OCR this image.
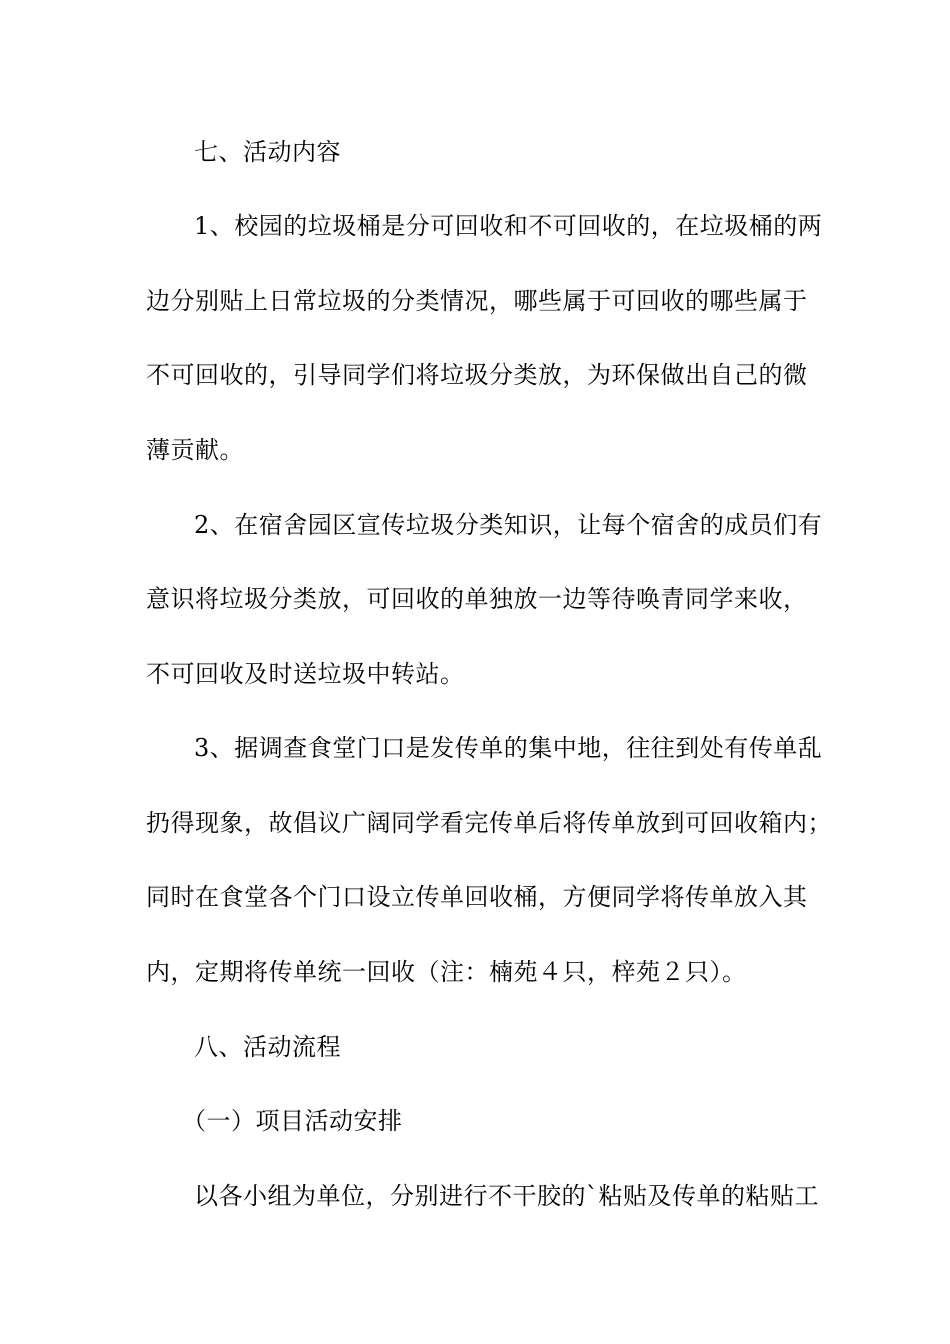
七、活动内容
1、校园的垃圾桶是分可回收和不可回收的，在垃圾桶的两
边分别贴上日常垃圾的分类情况，哪些属于可回收的哪些属于
不可回收的，引导同学们将垃圾分类放，为环保做出自己的微
薄贡献。
2、在宿舍园区宣传垃圾分类知识，让每个宿舍的成员们有
意识将垃圾分类放，可回收的单独放一边等待唤青同学来收，
不可回收及时送垃圾中转站。
3、据调查食堂门口是发传单的集中地，往往到处有传单乱
扔得现象，故倡议广阔同学看完传单后将传单放到可回收箱内；
同时在食堂各个门口设立传单回收桶，方便同学将传单放入其
内，定期将传单统一回收（注：楠苑４只，梓苑２只）。
八、活动流程
（一）项目活动安排
以各小组为单位，分别进行不干胶的`粘贴及传单的粘贴工
